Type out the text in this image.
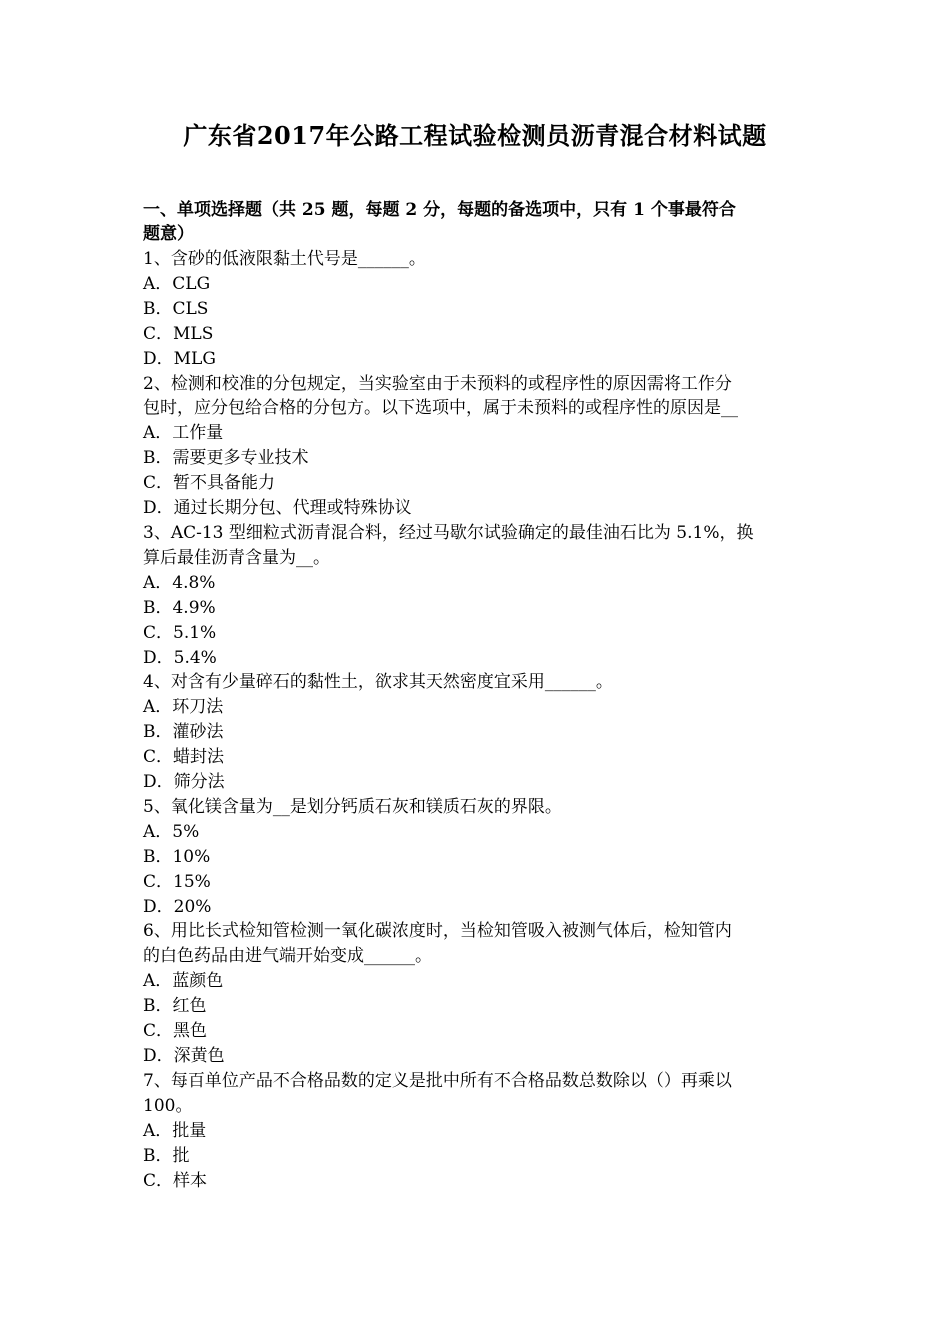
广东省2017年公路工程试验检测员沥青混合材料试题
一、单项选择题（共 25 题，每题 2 分，每题的备选项中，只有 1 个事最符合
题意）
1、含砂的低液限黏土代号是______。
A．CLG
B．CLS
C．MLS
D．MLG
2、检测和校准的分包规定，当实验室由于未预料的或程序性的原因需将工作分
包时，应分包给合格的分包方。以下选项中，属于未预料的或程序性的原因是__
A．工作量
B．需要更多专业技术
C．暂不具备能力
D．通过长期分包、代理或特殊协议
3、AC-13 型细粒式沥青混合料，经过马歇尔试验确定的最佳油石比为 5.1%，换
算后最佳沥青含量为__。
A．4.8%
B．4.9%
C．5.1%
D．5.4%
4、对含有少量碎石的黏性土，欲求其天然密度宜采用______。
A．环刀法
B．灌砂法
C．蜡封法
D．筛分法
5、氧化镁含量为__是划分钙质石灰和镁质石灰的界限。
A．5%
B．10%
C．15%
D．20%
6、用比长式检知管检测一氧化碳浓度时，当检知管吸入被测气体后，检知管内
的白色药品由进气端开始变成______。
A．蓝颜色
B．红色
C．黑色
D．深黄色
7、每百单位产品不合格品数的定义是批中所有不合格品数总数除以（）再乘以
100。
A．批量
B．批
C．样本
